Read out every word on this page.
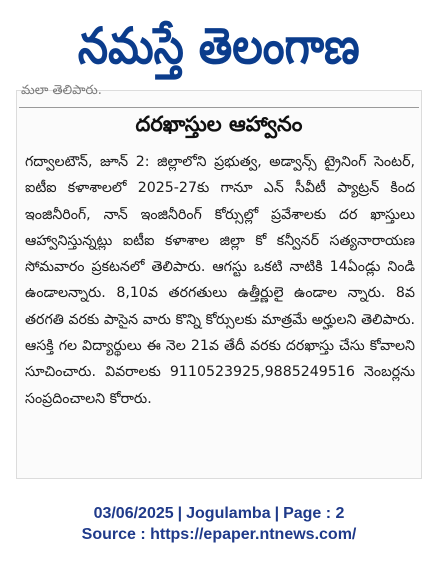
నమస్తే తెలంగాణ
మలా తెలిపారు.
దరఖాస్తుల ఆహ్వానం
గద్వాలటౌన్, జూన్ 2: జిల్లాలోని ప్రభుత్వ, అడ్వాన్స్ ట్రైనింగ్ సెంటర్, ఐటీఐ కళాశాలలో 2025-27కు గానూ ఎన్ సీవీటీ ప్యాట్రన్ కింద ఇంజినీరింగ్, నాన్ ఇంజినీరింగ్ కోర్సుల్లో ప్రవేశాలకు దర ఖాస్తులు ఆహ్వానిస్తున్నట్లు ఐటీఐ కళాశాల జిల్లా కో కన్వీనర్ సత్యనారాయణ సోమవారం ప్రకటనలో తెలిపారు. ఆగస్టు ఒకటి నాటికి 14ఏండ్లు నిండి ఉండాలన్నారు. 8,10వ తరగతులు ఉత్తీర్ణులై ఉండాల న్నారు. 8వ తరగతి వరకు పాసైన వారు కొన్ని కోర్సులకు మాత్రమే అర్హులని తెలిపారు. ఆసక్తి గల విద్యార్థులు ఈ నెల 21వ తేదీ వరకు దరఖాస్తు చేసు కోవాలని సూచించారు. వివరాలకు 9110523925,9885249516 నెంబర్లను సంప్రదించాలని కోరారు.
03/06/2025 | Jogulamba | Page : 2
Source : https://epaper.ntnews.com/
